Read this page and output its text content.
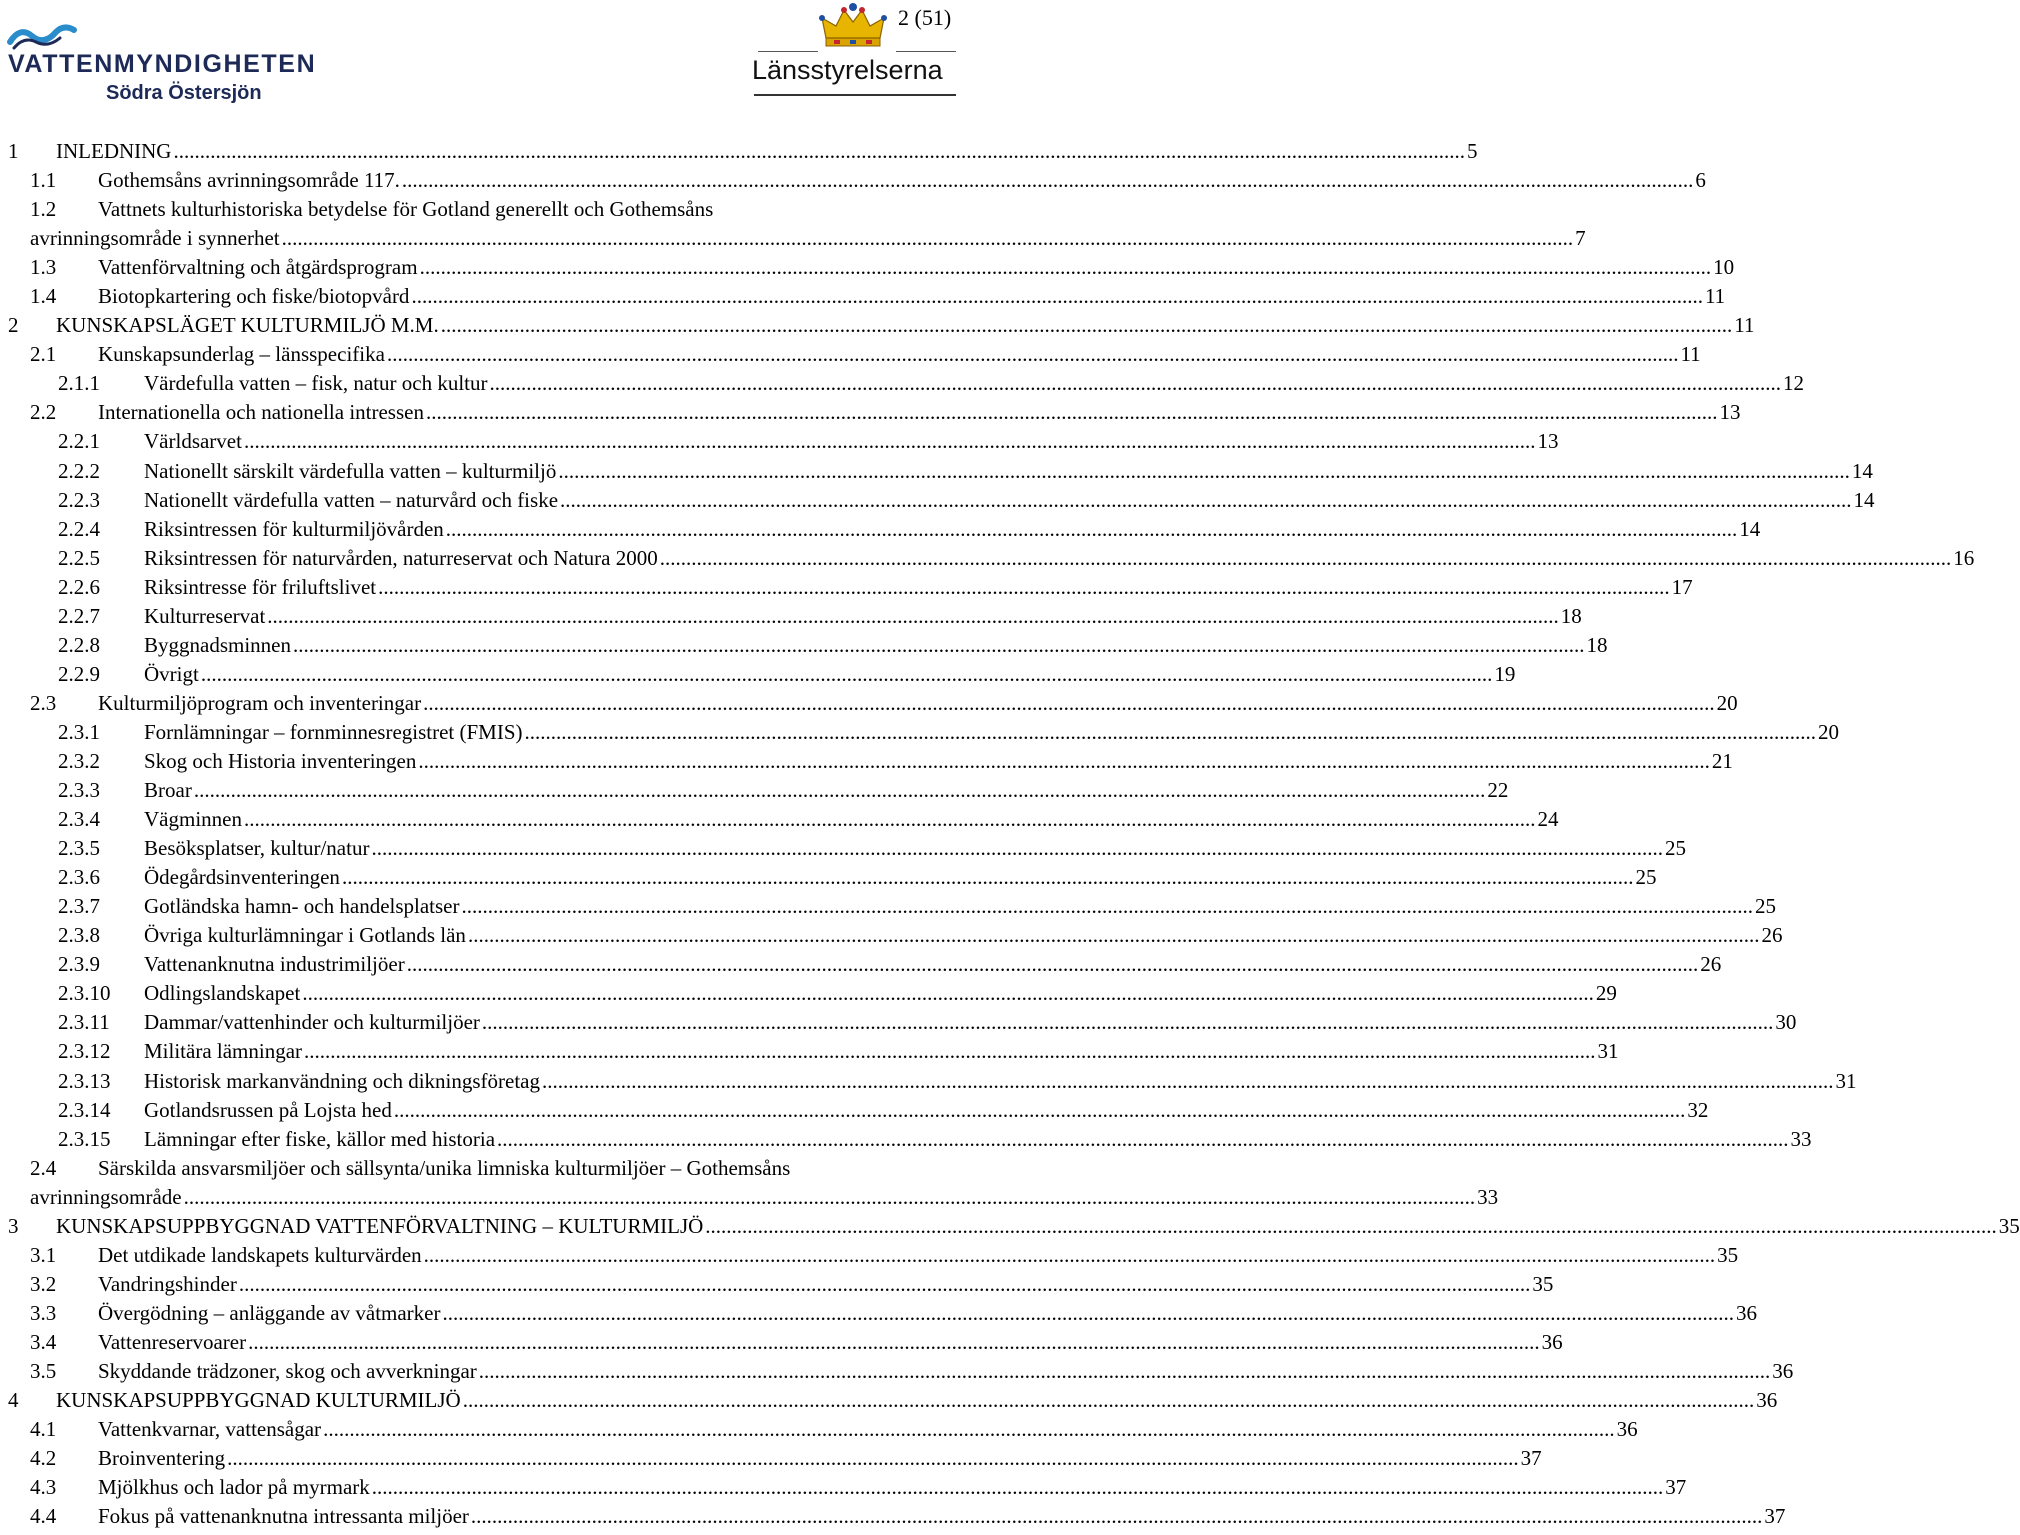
VATTENMYNDIGHETEN
Södra Östersjön
2 (51)
Länsstyrelserna
1 INLEDNING .....	5
1.1 Gothemsåns avrinningsområde 117. .....	6
1.2 Vattnets kulturhistoriska betydelse för Gotland generellt och Gothemsåns
avrinningsområde i synnerhet .....	7
1.3 Vattenförvaltning och åtgärdsprogram .....	10
1.4 Biotopkartering och fiske/biotopvård .....	11
2 KUNSKAPSLÄGET KULTURMILJÖ M.M. .....	11
2.1 Kunskapsunderlag – länsspecifika .....	11
2.1.1 Värdefulla vatten – fisk, natur och kultur .....	12
2.2 Internationella och nationella intressen .....	13
2.2.1 Världsarvet .....	13
2.2.2 Nationellt särskilt värdefulla vatten – kulturmiljö .....	14
2.2.3 Nationellt värdefulla vatten – naturvård och fiske .....	14
2.2.4 Riksintressen för kulturmiljövården .....	14
2.2.5 Riksintressen för naturvården, naturreservat och Natura 2000 .....	16
2.2.6 Riksintresse för friluftslivet .....	17
2.2.7 Kulturreservat .....	18
2.2.8 Byggnadsminnen .....	18
2.2.9 Övrigt .....	19
2.3 Kulturmiljöprogram och inventeringar .....	20
2.3.1 Fornlämningar – fornminnesregistret (FMIS) .....	20
2.3.2 Skog och Historia inventeringen .....	21
2.3.3 Broar .....	22
2.3.4 Vägminnen .....	24
2.3.5 Besöksplatser, kultur/natur .....	25
2.3.6 Ödegårdsinventeringen .....	25
2.3.7 Gotländska hamn- och handelsplatser .....	25
2.3.8 Övriga kulturlämningar i Gotlands län .....	26
2.3.9 Vattenanknutna industrimiljöer .....	26
2.3.10 Odlingslandskapet .....	29
2.3.11 Dammar/vattenhinder och kulturmiljöer .....	30
2.3.12 Militära lämningar .....	31
2.3.13 Historisk markanvändning och dikningsföretag .....	31
2.3.14 Gotlandsrussen på Lojsta hed .....	32
2.3.15 Lämningar efter fiske, källor med historia .....	33
2.4 Särskilda ansvarsmiljöer och sällsynta/unika limniska kulturmiljöer – Gothemsåns
avrinningsområde .....	33
3 KUNSKAPSUPPBYGGNAD VATTENFÖRVALTNING – KULTURMILJÖ .....	35
3.1 Det utdikade landskapets kulturvärden .....	35
3.2 Vandringshinder .....	35
3.3 Övergödning – anläggande av våtmarker .....	36
3.4 Vattenreservoarer .....	36
3.5 Skyddande trädzoner, skog och avverkningar .....	36
4 KUNSKAPSUPPBYGGNAD KULTURMILJÖ .....	36
4.1 Vattenkvarnar, vattensågar .....	36
4.2 Broinventering .....	37
4.3 Mjölkhus och lador på myrmark .....	37
4.4 Fokus på vattenanknutna intressanta miljöer .....	37
